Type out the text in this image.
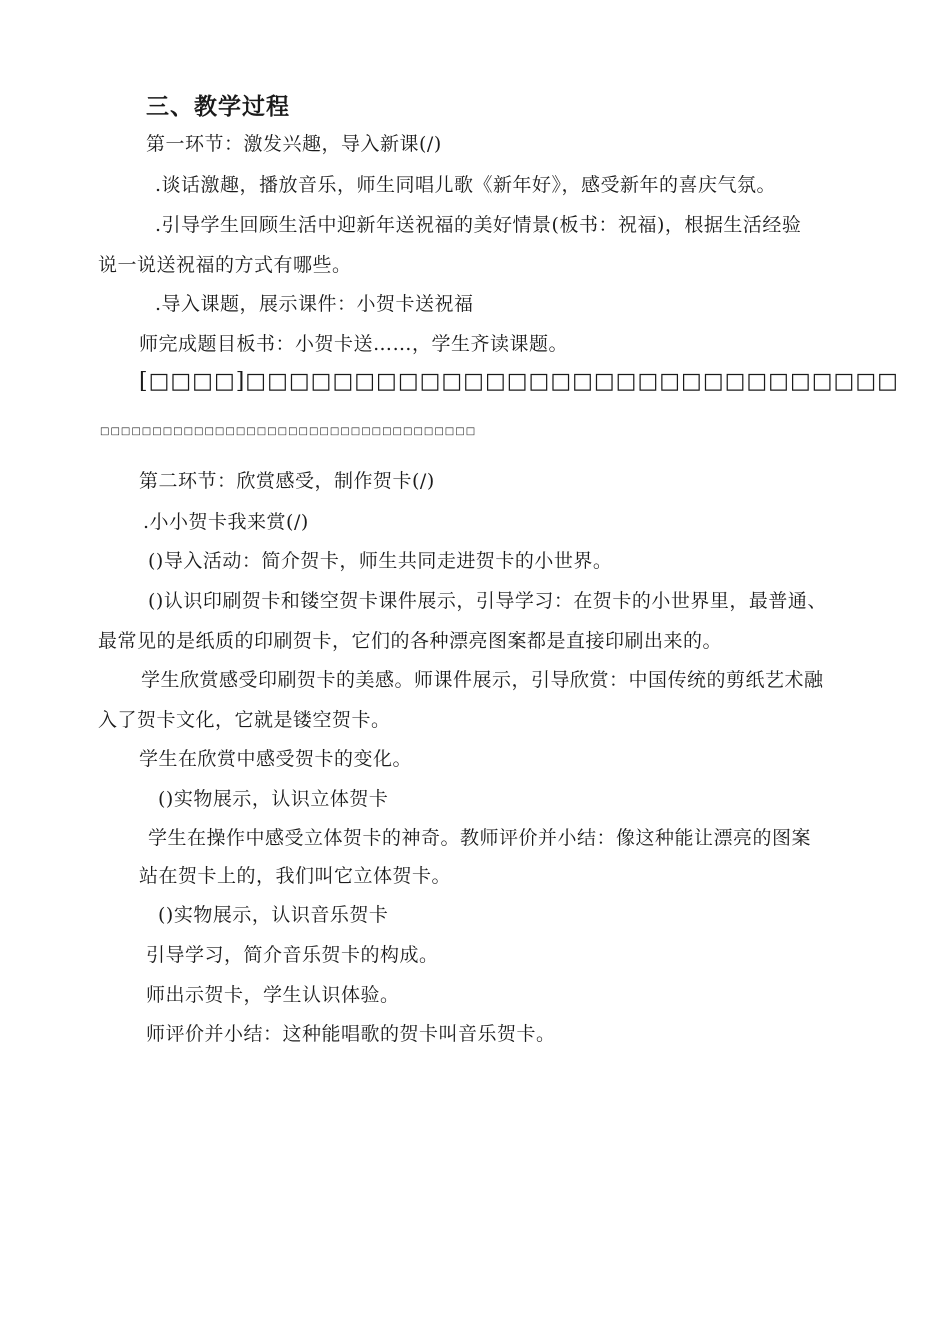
三、教学过程
第一环节：激发兴趣，导入新课(/)
.谈话激趣，播放音乐，师生同唱儿歌《新年好》，感受新年的喜庆气氛。
.引导学生回顾生活中迎新年送祝福的美好情景(板书：祝福)，根据生活经验
说一说送祝福的方式有哪些。
.导入课题，展示课件：小贺卡送祝福
师完成题目板书：小贺卡送……，学生齐读课题。
[□□□□]□□□□□□□□□□□□□□□□□□□□□□□□□□□□□□
□□□□□□□□□□□□□□□□□□□□□□□□□□□□□□□□□□□□
第二环节：欣赏感受，制作贺卡(/)
.小小贺卡我来赏(/)
()导入活动：简介贺卡，师生共同走进贺卡的小世界。
()认识印刷贺卡和镂空贺卡课件展示，引导学习：在贺卡的小世界里，最普通、
最常见的是纸质的印刷贺卡，它们的各种漂亮图案都是直接印刷出来的。
学生欣赏感受印刷贺卡的美感。师课件展示，引导欣赏：中国传统的剪纸艺术融
入了贺卡文化，它就是镂空贺卡。
学生在欣赏中感受贺卡的变化。
()实物展示，认识立体贺卡
学生在操作中感受立体贺卡的神奇。教师评价并小结：像这种能让漂亮的图案
站在贺卡上的，我们叫它立体贺卡。
()实物展示，认识音乐贺卡
引导学习，简介音乐贺卡的构成。
师出示贺卡，学生认识体验。
师评价并小结：这种能唱歌的贺卡叫音乐贺卡。
